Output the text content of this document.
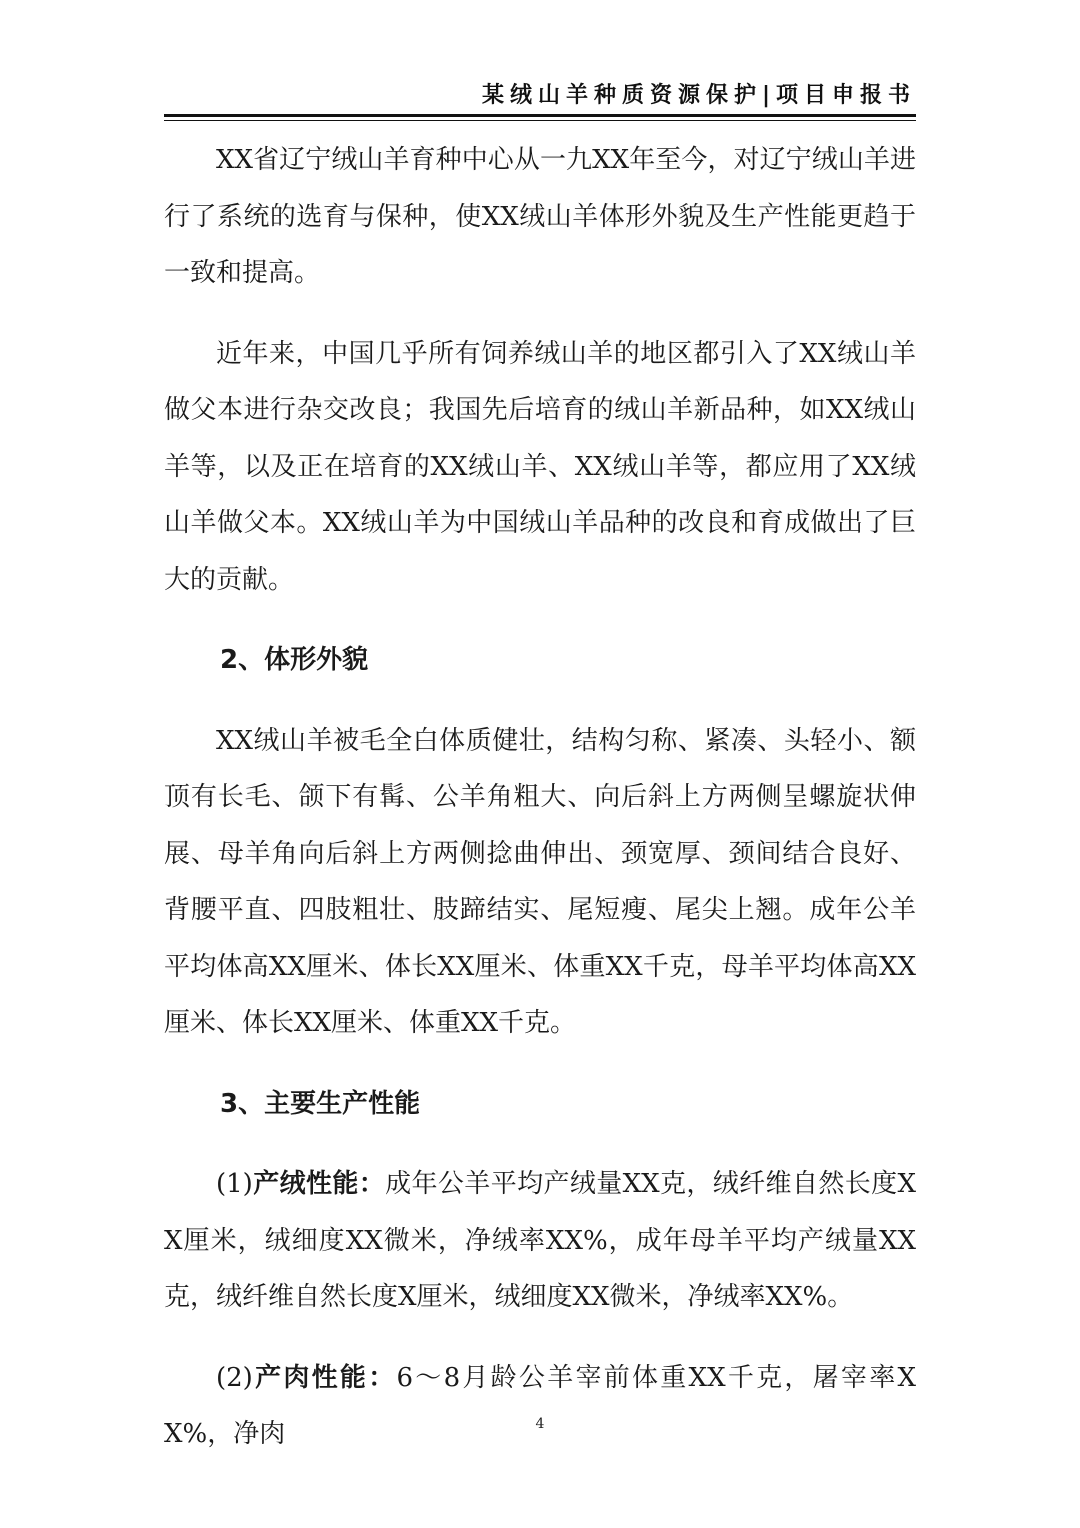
某绒山羊种质资源保护|项目申报书

XX省辽宁绒山羊育种中心从一九XX年至今，对辽宁绒山羊进行了系统的选育与保种，使XX绒山羊体形外貌及生产性能更趋于一致和提高。

近年来，中国几乎所有饲养绒山羊的地区都引入了XX绒山羊做父本进行杂交改良；我国先后培育的绒山羊新品种，如XX绒山羊等，以及正在培育的XX绒山羊、XX绒山羊等，都应用了XX绒山羊做父本。XX绒山羊为中国绒山羊品种的改良和育成做出了巨大的贡献。

2、体形外貌

XX绒山羊被毛全白体质健壮，结构匀称、紧凑、头轻小、额顶有长毛、颌下有髯、公羊角粗大、向后斜上方两侧呈螺旋状伸展、母羊角向后斜上方两侧捻曲伸出、颈宽厚、颈间结合良好、背腰平直、四肢粗壮、肢蹄结实、尾短瘦、尾尖上翘。成年公羊平均体高XX厘米、体长XX厘米、体重XX千克，母羊平均体高XX厘米、体长XX厘米、体重XX千克。

3、主要生产性能

(1)产绒性能：成年公羊平均产绒量XX克，绒纤维自然长度XX厘米，绒细度XX微米，净绒率XX%，成年母羊平均产绒量XX克，绒纤维自然长度X厘米，绒细度XX微米，净绒率XX%。

(2)产肉性能：6～8月龄公羊宰前体重XX千克，屠宰率XX%，净肉	4
